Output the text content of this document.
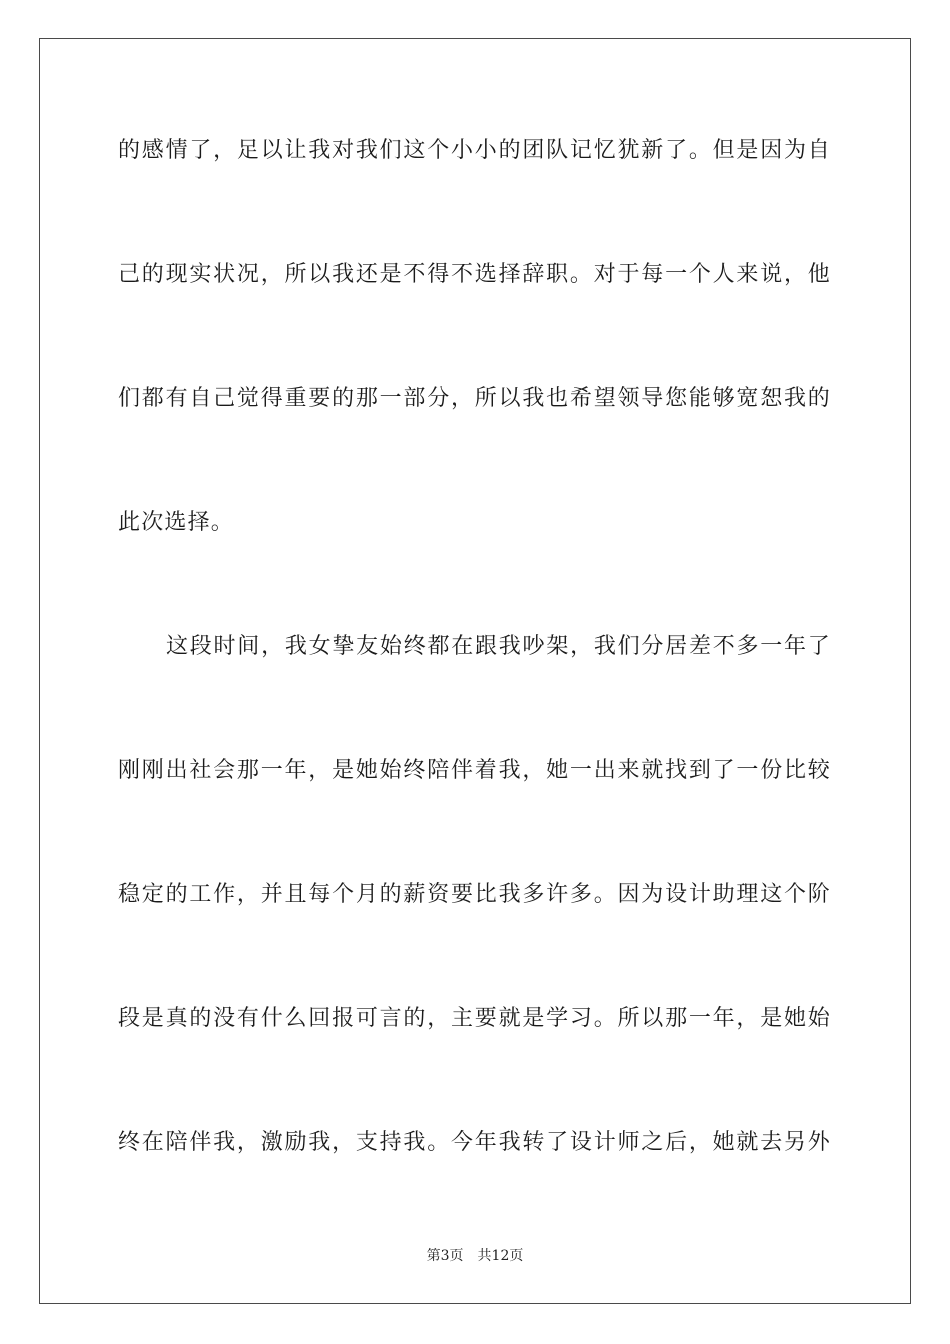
的感情了，足以让我对我们这个小小的团队记忆犹新了。但是因为自
己的现实状况，所以我还是不得不选择辞职。对于每一个人来说，他
们都有自己觉得重要的那一部分，所以我也希望领导您能够宽恕我的
此次选择。
这段时间，我女挚友始终都在跟我吵架，我们分居差不多一年了
刚刚出社会那一年，是她始终陪伴着我，她一出来就找到了一份比较
稳定的工作，并且每个月的薪资要比我多许多。因为设计助理这个阶
段是真的没有什么回报可言的，主要就是学习。所以那一年，是她始
终在陪伴我，激励我，支持我。今年我转了设计师之后，她就去另外
第3页 共12页
